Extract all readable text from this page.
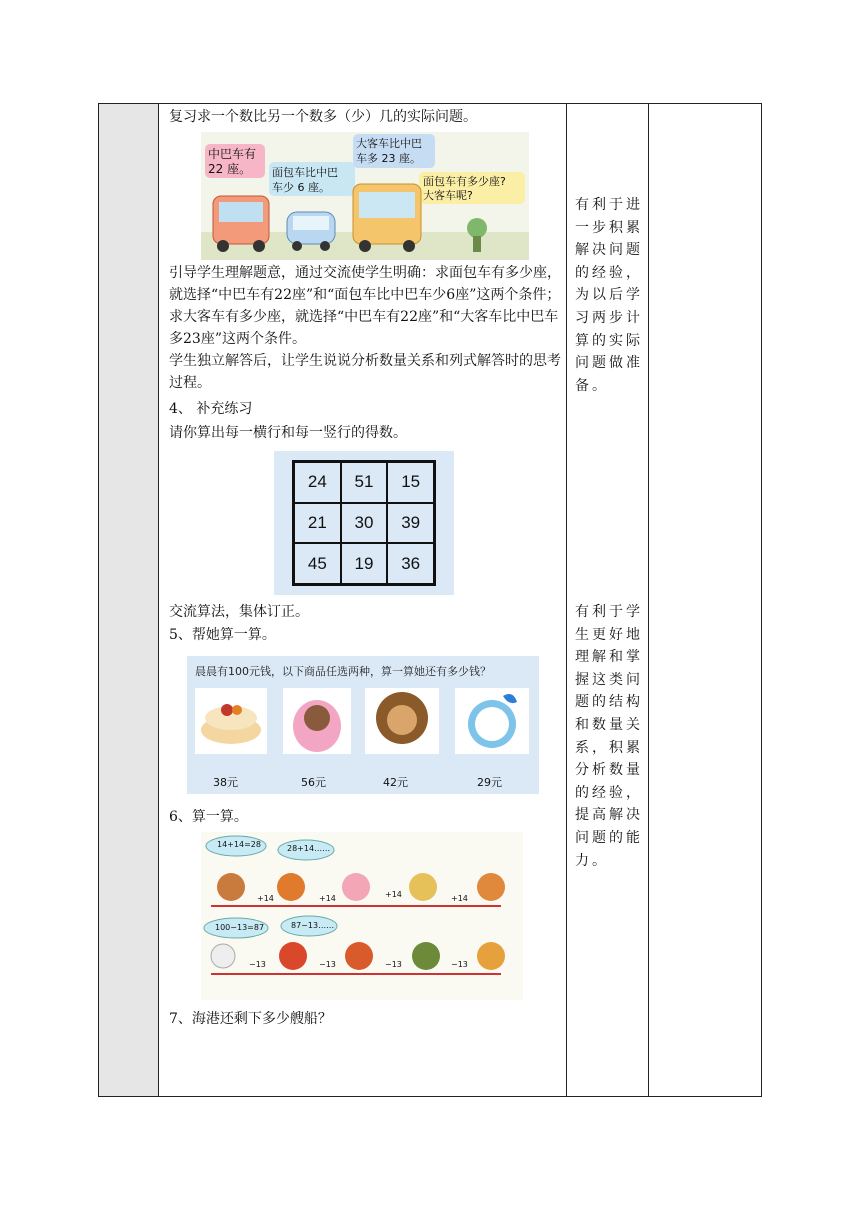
复习求一个数比另一个数多（少）几的实际问题。

中巴车有
22 座。	面包车比中巴
车少 6 座。
大客车比中巴
车多 23 座。
面包车有多少座?
大客车呢?

引导学生理解题意，通过交流使学生明确：求面包车有多少座，就选择“中巴车有22座”和“面包车比中巴车少6座”这两个条件；求大客车有多少座，就选择“中巴车有22座”和“大客车比中巴车多23座”这两个条件。

学生独立解答后，让学生说说分析数量关系和列式解答时的思考过程。

4、 补充练习

请你算出每一横行和每一竖行的得数。

24	51	15
21	30	39
45	19	36

交流算法，集体订正。

5、帮她算一算。

晨晨有100元钱，以下商品任选两种，算一算她还有多少钱？
38元	56元	42元	29元

6、算一算。

14+14=28	28+14……
+14	+14	+14	+14
100−13=87	87−13……
−13	−13	−13	−13

7、海港还剩下多少艘船？

有利于进一步积累解决问题的经验，为以后学习两步计算的实际问题做准备。

有利于学生更好地理解和掌握这类问题的结构和数量关系，积累分析数量的经验，提高解决问题的能力。
